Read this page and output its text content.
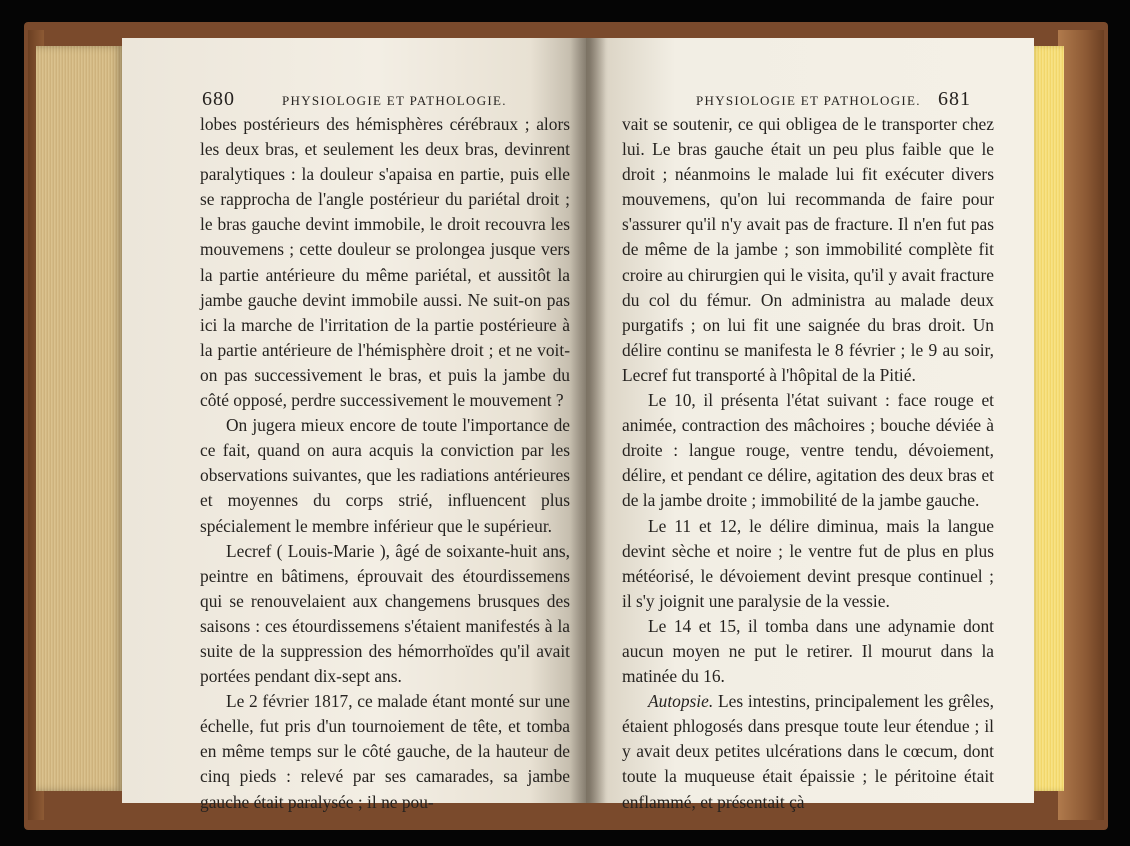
680	PHYSIOLOGIE ET PATHOLOGIE.

lobes postérieurs des hémisphères cérébraux ; alors les deux bras, et seulement les deux bras, devinrent paralytiques : la douleur s'apaisa en partie, puis elle se rapprocha de l'angle postérieur du pariétal droit ; le bras gauche devint immobile, le droit recouvra les mouvemens ; cette douleur se prolongea jusque vers la partie antérieure du même pariétal, et aussitôt la jambe gauche devint immobile aussi. Ne suit-on pas ici la marche de l'irritation de la partie postérieure à la partie antérieure de l'hémisphère droit ; et ne voit-on pas successivement le bras, et puis la jambe du côté opposé, perdre successivement le mouvement ?

On jugera mieux encore de toute l'importance de ce fait, quand on aura acquis la conviction par les observations suivantes, que les radiations antérieures et moyennes du corps strié, influencent plus spécialement le membre inférieur que le supérieur.

Lecref ( Louis-Marie ), âgé de soixante-huit ans, peintre en bâtimens, éprouvait des étourdissemens qui se renouvelaient aux changemens brusques des saisons : ces étourdissemens s'étaient manifestés à la suite de la suppression des hémorrhoïdes qu'il avait portées pendant dix-sept ans.

Le 2 février 1817, ce malade étant monté sur une échelle, fut pris d'un tournoiement de tête, et tomba en même temps sur le côté gauche, de la hauteur de cinq pieds : relevé par ses camarades, sa jambe gauche était paralysée ; il ne pou-

PHYSIOLOGIE ET PATHOLOGIE. 681

vait se soutenir, ce qui obligea de le transporter chez lui. Le bras gauche était un peu plus faible que le droit ; néanmoins le malade lui fit exécuter divers mouvemens, qu'on lui recommanda de faire pour s'assurer qu'il n'y avait pas de fracture. Il n'en fut pas de même de la jambe ; son immobilité complète fit croire au chirurgien qui le visita, qu'il y avait fracture du col du fémur. On administra au malade deux purgatifs ; on lui fit une saignée du bras droit. Un délire continu se manifesta le 8 février ; le 9 au soir, Lecref fut transporté à l'hôpital de la Pitié.

Le 10, il présenta l'état suivant : face rouge et animée, contraction des mâchoires ; bouche déviée à droite : langue rouge, ventre tendu, dévoiement, délire, et pendant ce délire, agitation des deux bras et de la jambe droite ; immobilité de la jambe gauche.

Le 11 et 12, le délire diminua, mais la langue devint sèche et noire ; le ventre fut de plus en plus météorisé, le dévoiement devint presque continuel ; il s'y joignit une paralysie de la vessie.

Le 14 et 15, il tomba dans une adynamie dont aucun moyen ne put le retirer. Il mourut dans la matinée du 16.

Autopsie. Les intestins, principalement les grêles, étaient phlogosés dans presque toute leur étendue ; il y avait deux petites ulcérations dans le cœcum, dont toute la muqueuse était épaissie ; le péritoine était enflammé, et présentait çà
